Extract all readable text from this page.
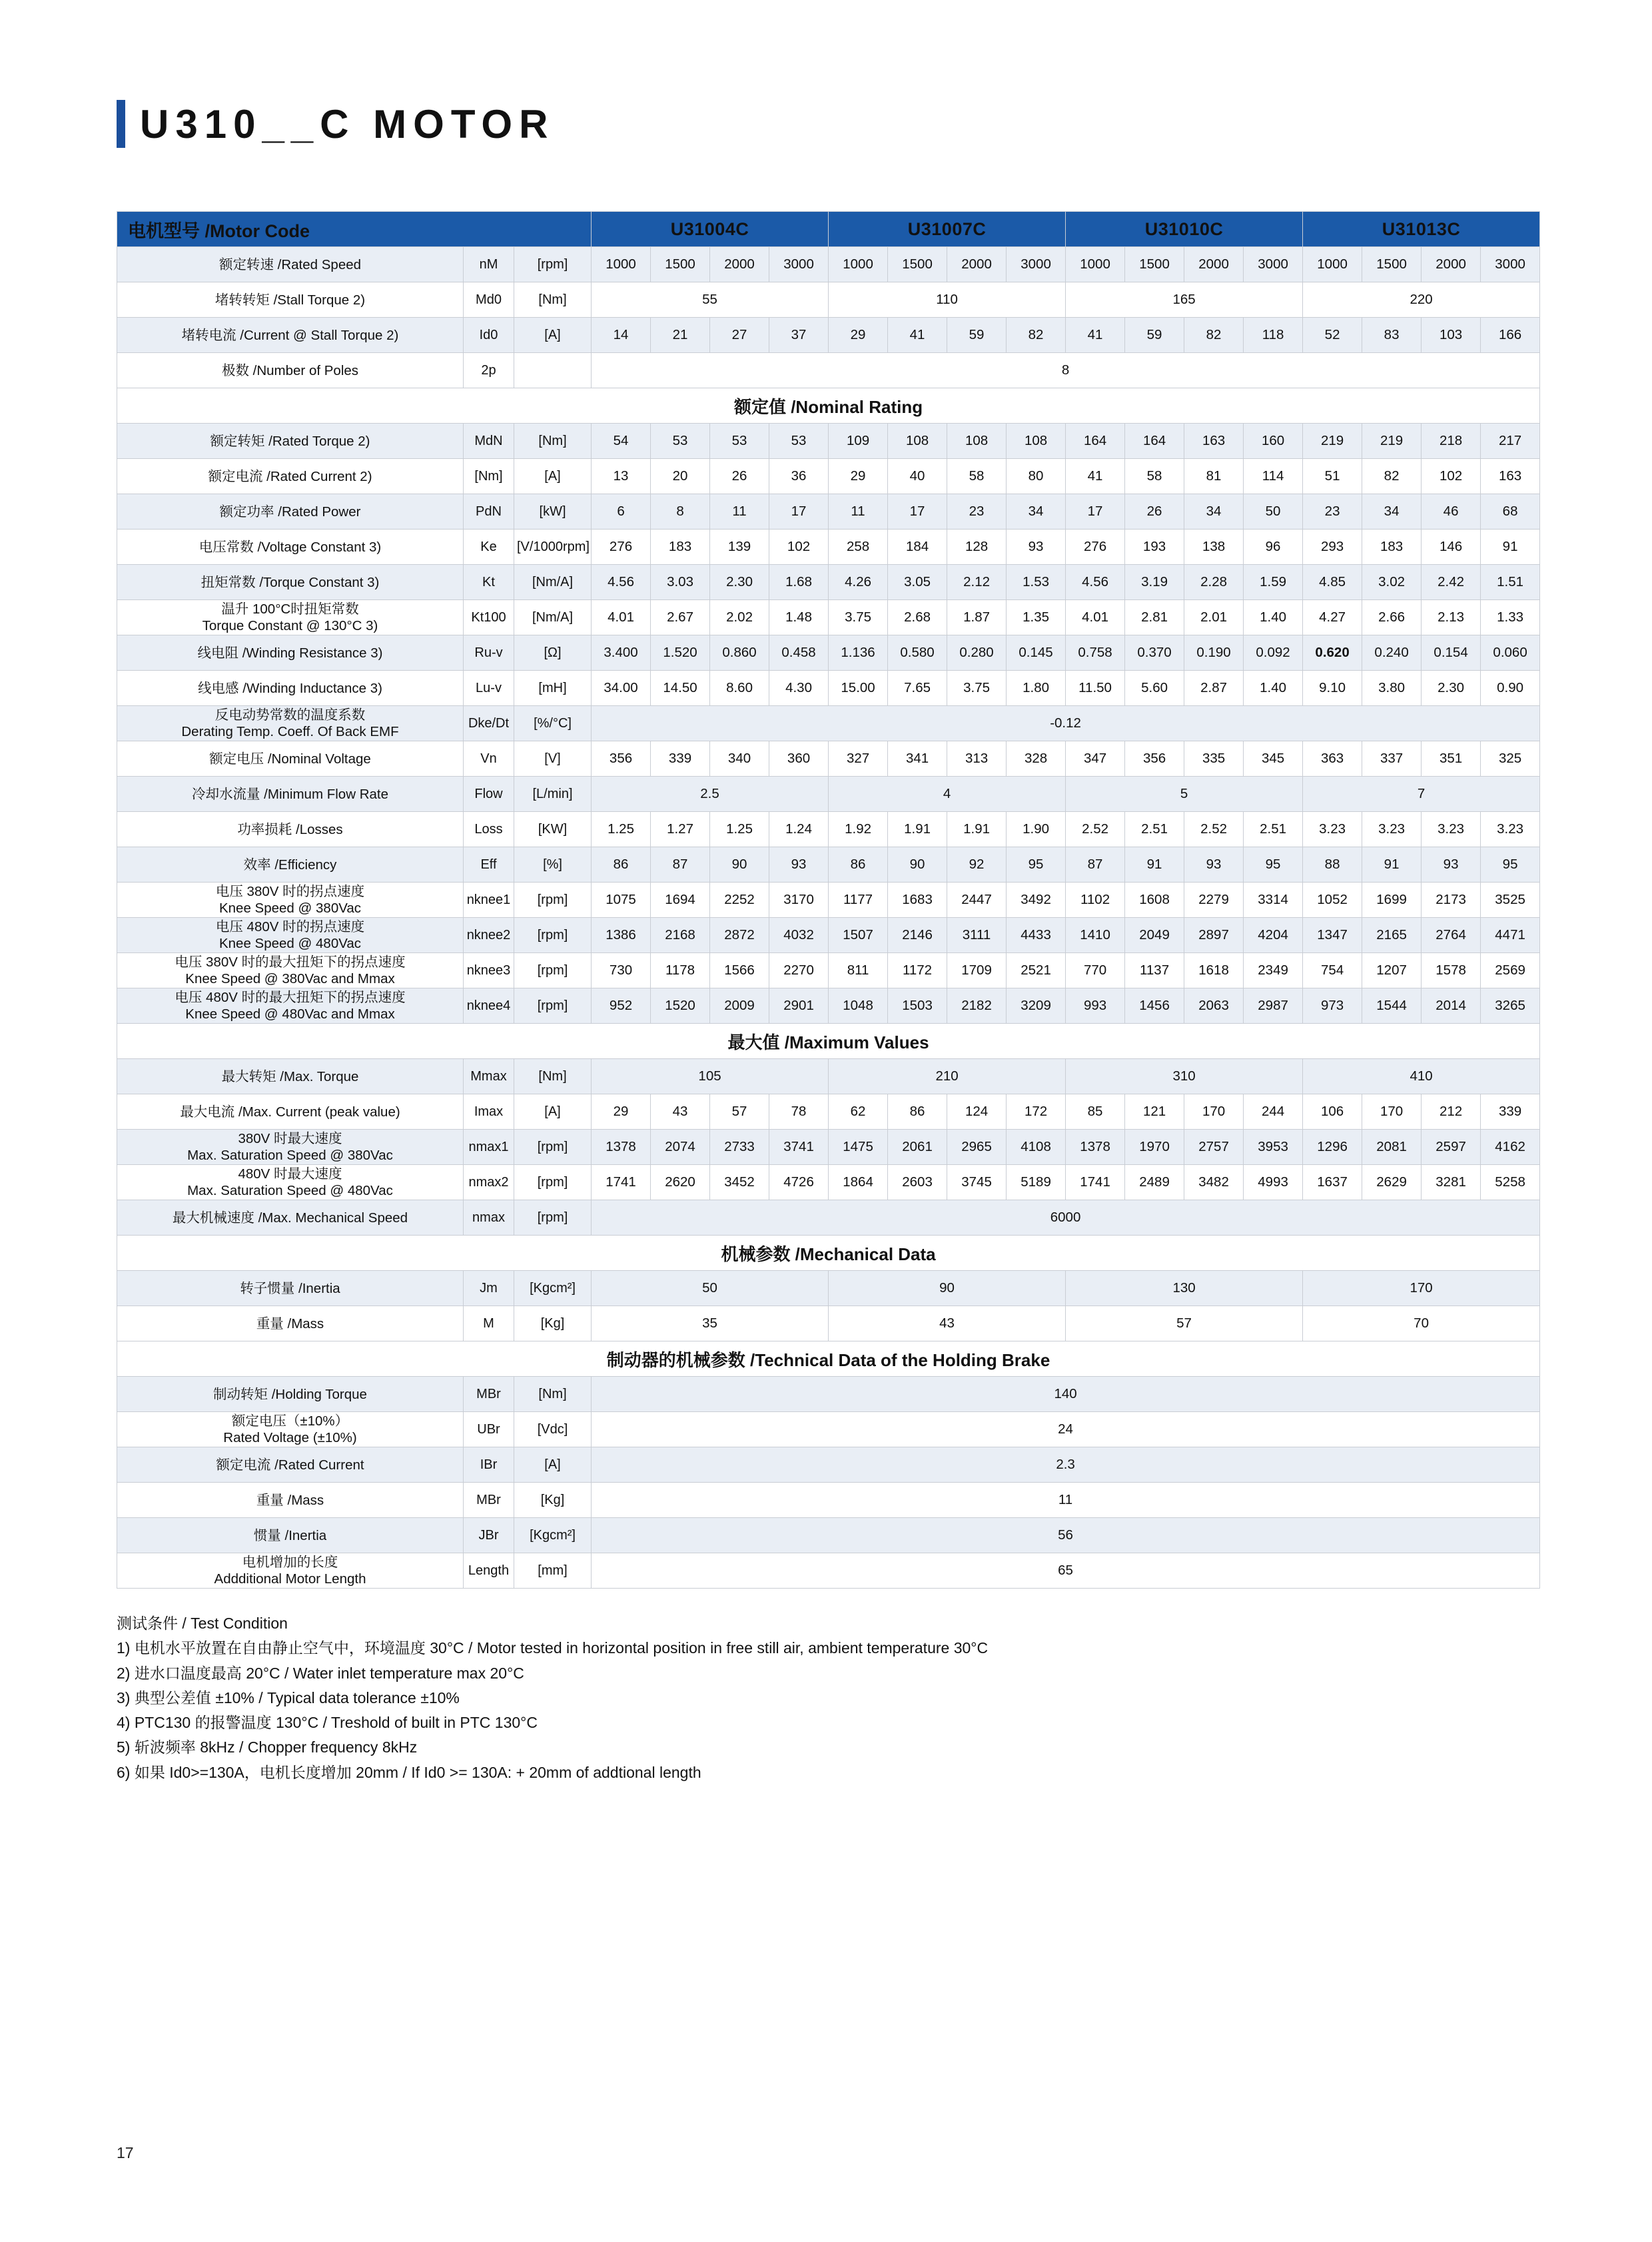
U310__C MOTOR
电机型号 /Motor Code			U31004C				U31007C				U31010C				U31013C			
额定转速 /Rated Speed	nM	[rpm]	1000	1500	2000	3000	1000	1500	2000	3000	1000	1500	2000	3000	1000	1500	2000	3000
堵转转矩 /Stall Torque 2)	Md0	[Nm]	55				110				165				220			
堵转电流 /Current @ Stall Torque 2)	Id0	[A]	14	21	27	37	29	41	59	82	41	59	82	118	52	83	103	166
极数 /Number of Poles	2p		8															
额定值 /Nominal Rating																		
额定转矩 /Rated Torque 2)	MdN	[Nm]	54	53	53	53	109	108	108	108	164	164	163	160	219	219	218	217
额定电流 /Rated Current 2)	[Nm]	[A]	13	20	26	36	29	40	58	80	41	58	81	114	51	82	102	163
额定功率 /Rated Power	PdN	[kW]	6	8	11	17	11	17	23	34	17	26	34	50	23	34	46	68
电压常数 /Voltage Constant 3)	Ke	[V/1000rpm]	276	183	139	102	258	184	128	93	276	193	138	96	293	183	146	91
扭矩常数 /Torque Constant 3)	Kt	[Nm/A]	4.56	3.03	2.30	1.68	4.26	3.05	2.12	1.53	4.56	3.19	2.28	1.59	4.85	3.02	2.42	1.51
温升 100°C时扭矩常数
Torque Constant @ 130°C 3)	Kt100	[Nm/A]	4.01	2.67	2.02	1.48	3.75	2.68	1.87	1.35	4.01	2.81	2.01	1.40	4.27	2.66	2.13	1.33
线电阻 /Winding Resistance 3)	Ru-v	[Ω]	3.400	1.520	0.860	0.458	1.136	0.580	0.280	0.145	0.758	0.370	0.190	0.092	0.620	0.240	0.154	0.060
线电感 /Winding Inductance 3)	Lu-v	[mH]	34.00	14.50	8.60	4.30	15.00	7.65	3.75	1.80	11.50	5.60	2.87	1.40	9.10	3.80	2.30	0.90
反电动势常数的温度系数
Derating Temp. Coeff. Of Back EMF	Dke/Dt	[%/°C]	-0.12															
额定电压 /Nominal Voltage	Vn	[V]	356	339	340	360	327	341	313	328	347	356	335	345	363	337	351	325
冷却水流量 /Minimum Flow Rate	Flow	[L/min]	2.5				4				5				7			
功率损耗 /Losses	Loss	[KW]	1.25	1.27	1.25	1.24	1.92	1.91	1.91	1.90	2.52	2.51	2.52	2.51	3.23	3.23	3.23	3.23
效率 /Efficiency	Eff	[%]	86	87	90	93	86	90	92	95	87	91	93	95	88	91	93	95
电压 380V 时的拐点速度
Knee Speed @ 380Vac	nknee1	[rpm]	1075	1694	2252	3170	1177	1683	2447	3492	1102	1608	2279	3314	1052	1699	2173	3525
电压 480V 时的拐点速度
Knee Speed @ 480Vac	nknee2	[rpm]	1386	2168	2872	4032	1507	2146	3111	4433	1410	2049	2897	4204	1347	2165	2764	4471
电压 380V 时的最大扭矩下的拐点速度
Knee Speed @ 380Vac and Mmax	nknee3	[rpm]	730	1178	1566	2270	811	1172	1709	2521	770	1137	1618	2349	754	1207	1578	2569
电压 480V 时的最大扭矩下的拐点速度
Knee Speed @ 480Vac and Mmax	nknee4	[rpm]	952	1520	2009	2901	1048	1503	2182	3209	993	1456	2063	2987	973	1544	2014	3265
最大值 /Maximum Values																		
最大转矩 /Max. Torque	Mmax	[Nm]	105				210				310				410			
最大电流 /Max. Current (peak value)	Imax	[A]	29	43	57	78	62	86	124	172	85	121	170	244	106	170	212	339
380V 时最大速度
Max. Saturation Speed @ 380Vac	nmax1	[rpm]	1378	2074	2733	3741	1475	2061	2965	4108	1378	1970	2757	3953	1296	2081	2597	4162
480V 时最大速度
Max. Saturation Speed @ 480Vac	nmax2	[rpm]	1741	2620	3452	4726	1864	2603	3745	5189	1741	2489	3482	4993	1637	2629	3281	5258
最大机械速度 /Max. Mechanical Speed	nmax	[rpm]	6000															
机械参数 /Mechanical Data																		
转子惯量 /Inertia	Jm	[Kgcm²]	50				90				130				170			
重量 /Mass	M	[Kg]	35				43				57				70			
制动器的机械参数 /Technical Data of the Holding Brake																		
制动转矩 /Holding Torque	MBr	[Nm]	140															
额定电压（±10%）
Rated Voltage (±10%)	UBr	[Vdc]	24															
额定电流 /Rated Current	IBr	[A]	2.3															
重量 /Mass	MBr	[Kg]	11															
惯量 /Inertia	JBr	[Kgcm²]	56															
电机增加的长度
Addditional Motor Length	Length	[mm]	65															
测试条件 / Test Condition
1) 电机水平放置在自由静止空气中，环境温度 30°C / Motor tested in horizontal position in free still air, ambient temperature 30°C
2) 进水口温度最高 20°C / Water inlet temperature max 20°C
3) 典型公差值 ±10% / Typical data tolerance ±10%
4) PTC130 的报警温度 130°C / Treshold of built in PTC 130°C
5) 斩波频率 8kHz / Chopper frequency 8kHz
6) 如果 Id0>=130A，电机长度增加 20mm / If Id0 >= 130A: + 20mm of addtional length
17
